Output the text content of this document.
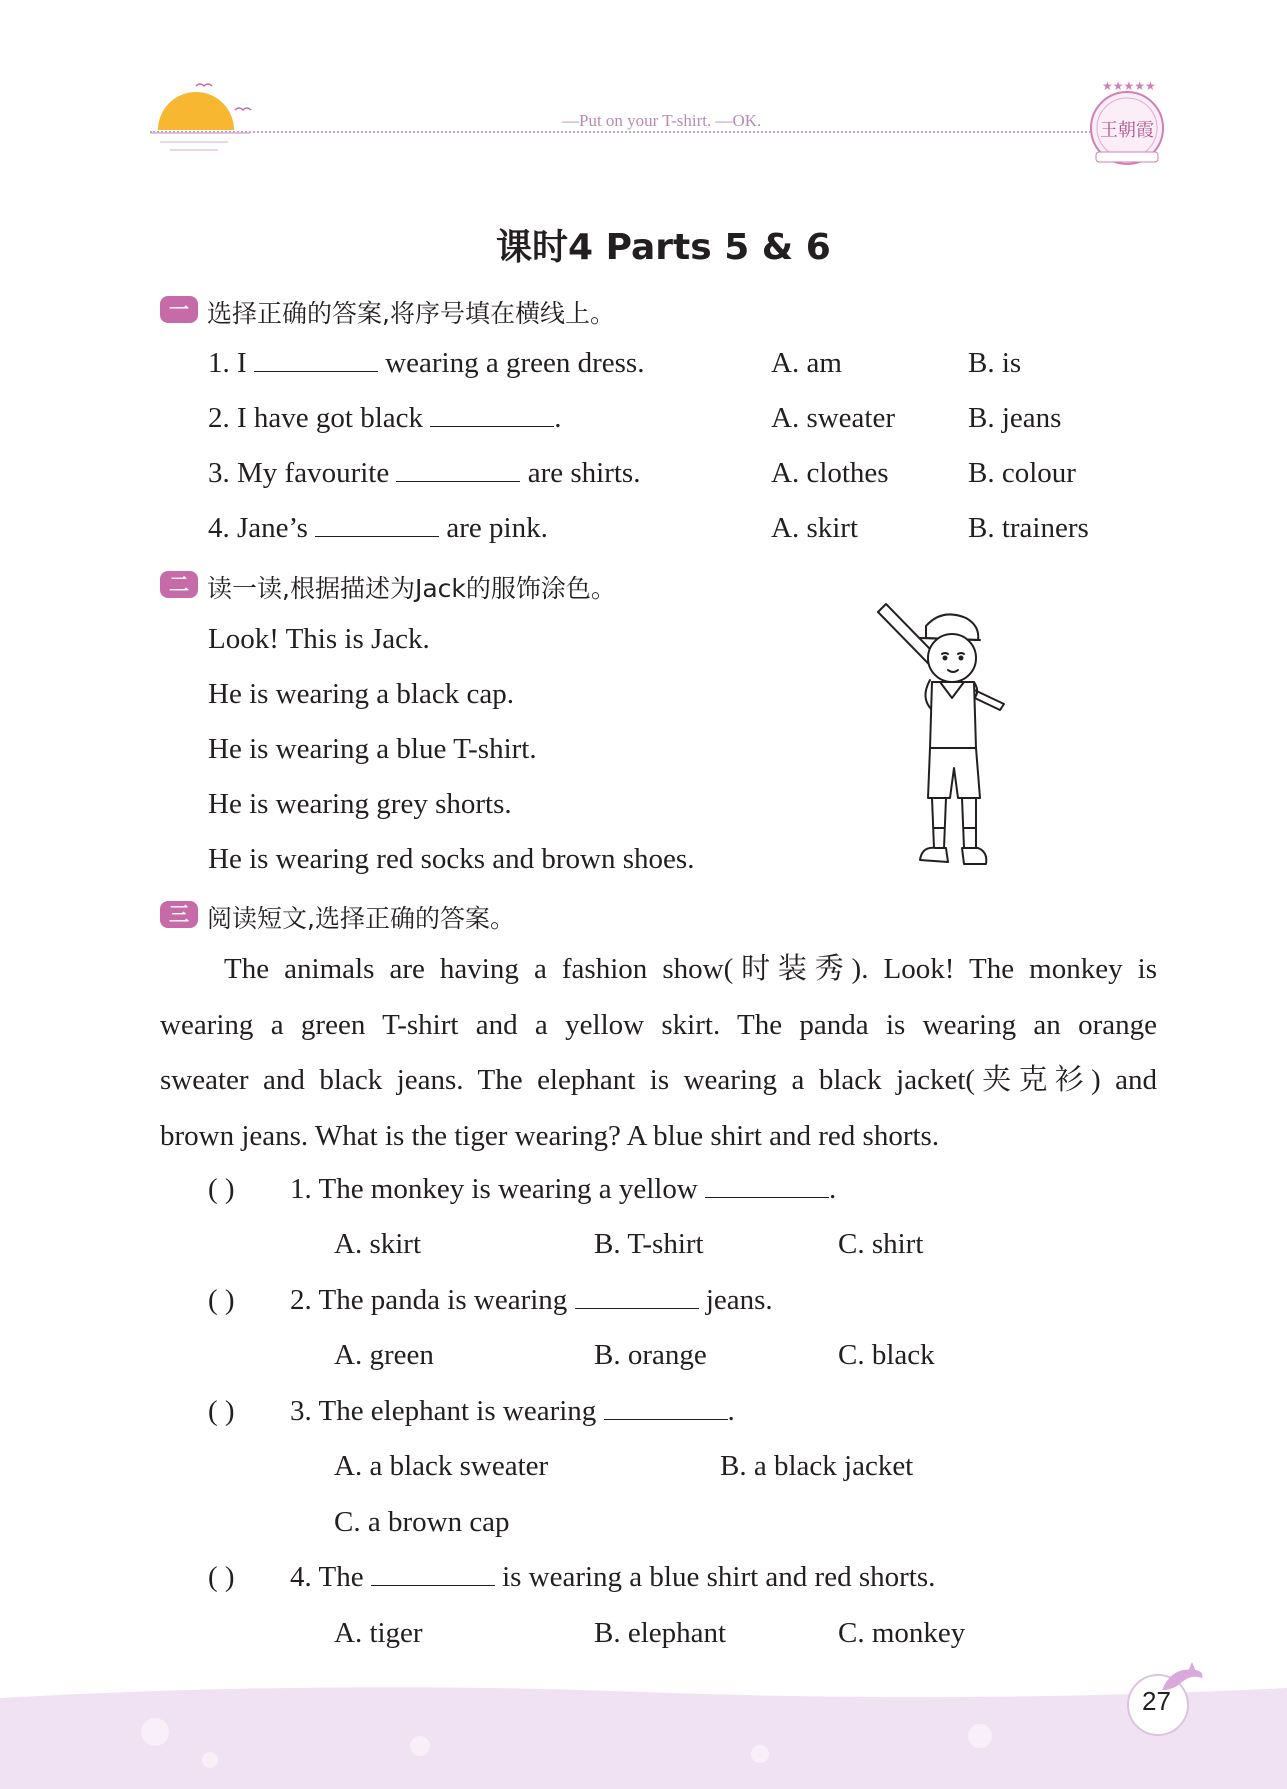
—Put on your T-shirt. —OK.
★★★★★
王朝霞
课时4 Parts 5 & 6
一 选择正确的答案,将序号填在横线上。
1. I	wearing a green dress.	A. am	B. is
2. I have got black	.	A. sweater	B. jeans
3. My favourite	are shirts.	A. clothes	B. colour
4. Jane’s	are pink.	A. skirt	B. trainers
二 读一读,根据描述为Jack的服饰涂色。
Look! This is Jack.
He is wearing a black cap.
He is wearing a blue T-shirt.
He is wearing grey shorts.
He is wearing red socks and brown shoes.
三 阅读短文,选择正确的答案。

The animals are having a fashion show(时装秀). Look! The monkey is

wearing a green T-shirt and a yellow skirt. The panda is wearing an orange

sweater and black jeans. The elephant is wearing a black jacket(夹克衫) and

brown jeans. What is the tiger wearing? A blue shirt and red shorts.

( ) 1. The monkey is wearing a yellow	.
A. skirt	B. T-shirt	C. shirt
( ) 2. The panda is wearing	jeans.
A. green	B. orange	C. black
( ) 3. The elephant is wearing	.
A. a black sweater	B. a black jacket
C. a brown cap
( ) 4. The	is wearing a blue shirt and red shorts.
A. tiger	B. elephant	C. monkey
27
